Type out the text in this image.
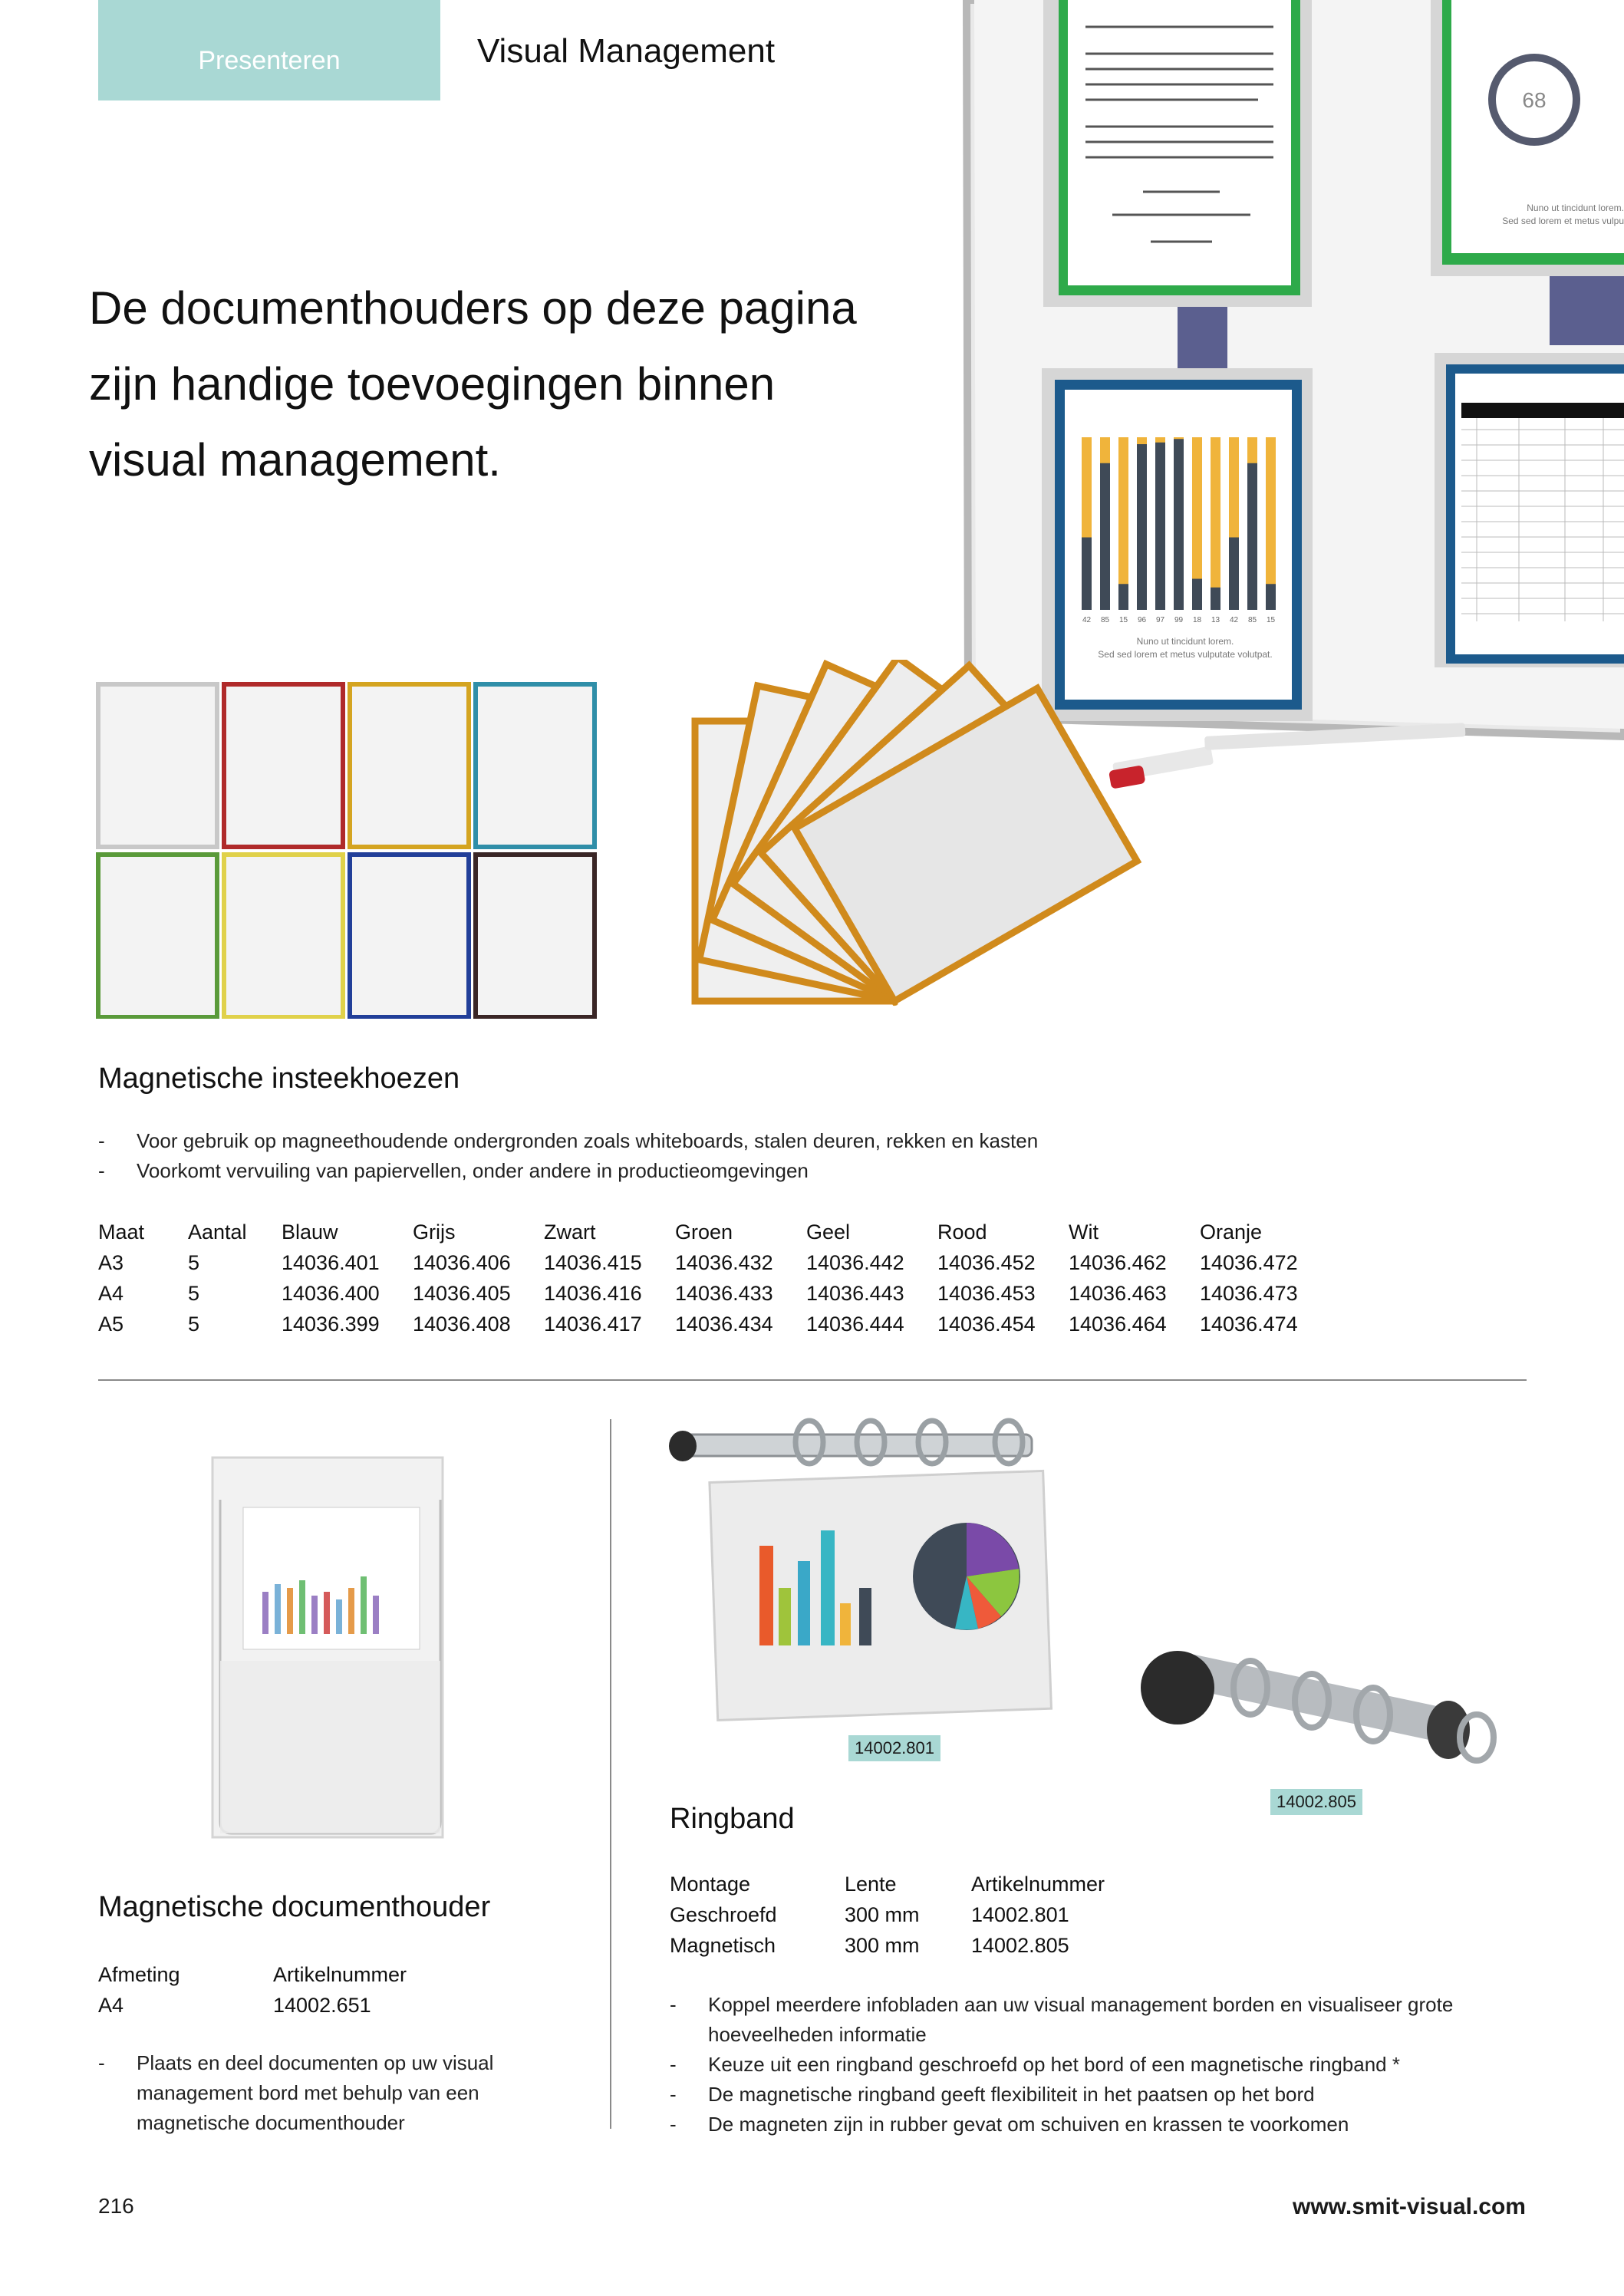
Presenteren	Visual Management
De documenthouders op deze pagina zijn handige toevoegingen binnen visual management.
68
Nuno ut tincidunt lorem.
Sed sed lorem et metus vulpu
42 85 15 96 97 99 18 13 42 85 15
Nuno ut tincidunt lorem.
Sed sed lorem et metus vulputate volutpat.
Magnetische insteekhoezen
- Voor gebruik op magneethoudende ondergronden zoals whiteboards, stalen deuren, rekken en kasten
- Voorkomt vervuiling van papiervellen, onder andere in productieomgevingen
Maat	Aantal	Blauw	Grijs	Zwart	Groen	Geel	Rood	Wit	Oranje
A3	5	14036.401	14036.406	14036.415	14036.432	14036.442	14036.452	14036.462	14036.472
A4	5	14036.400	14036.405	14036.416	14036.433	14036.443	14036.453	14036.463	14036.473
A5	5	14036.399	14036.408	14036.417	14036.434	14036.444	14036.454	14036.464	14036.474
Magnetische documenthouder
Afmeting	Artikelnummer
A4	14002.651
- Plaats en deel documenten op uw visual management bord met behulp van een magnetische documenthouder
14002.801
14002.805
Ringband
Montage	Lente	Artikelnummer
Geschroefd	300 mm	14002.801
Magnetisch	300 mm	14002.805
- Koppel meerdere infobladen aan uw visual management borden en visualiseer grote hoeveelheden informatie
- Keuze uit een ringband geschroefd op het bord of een magnetische ringband *
- De magnetische ringband geeft flexibiliteit in het paatsen op het bord
- De magneten zijn in rubber gevat om schuiven en krassen te voorkomen
216	www.smit-visual.com
